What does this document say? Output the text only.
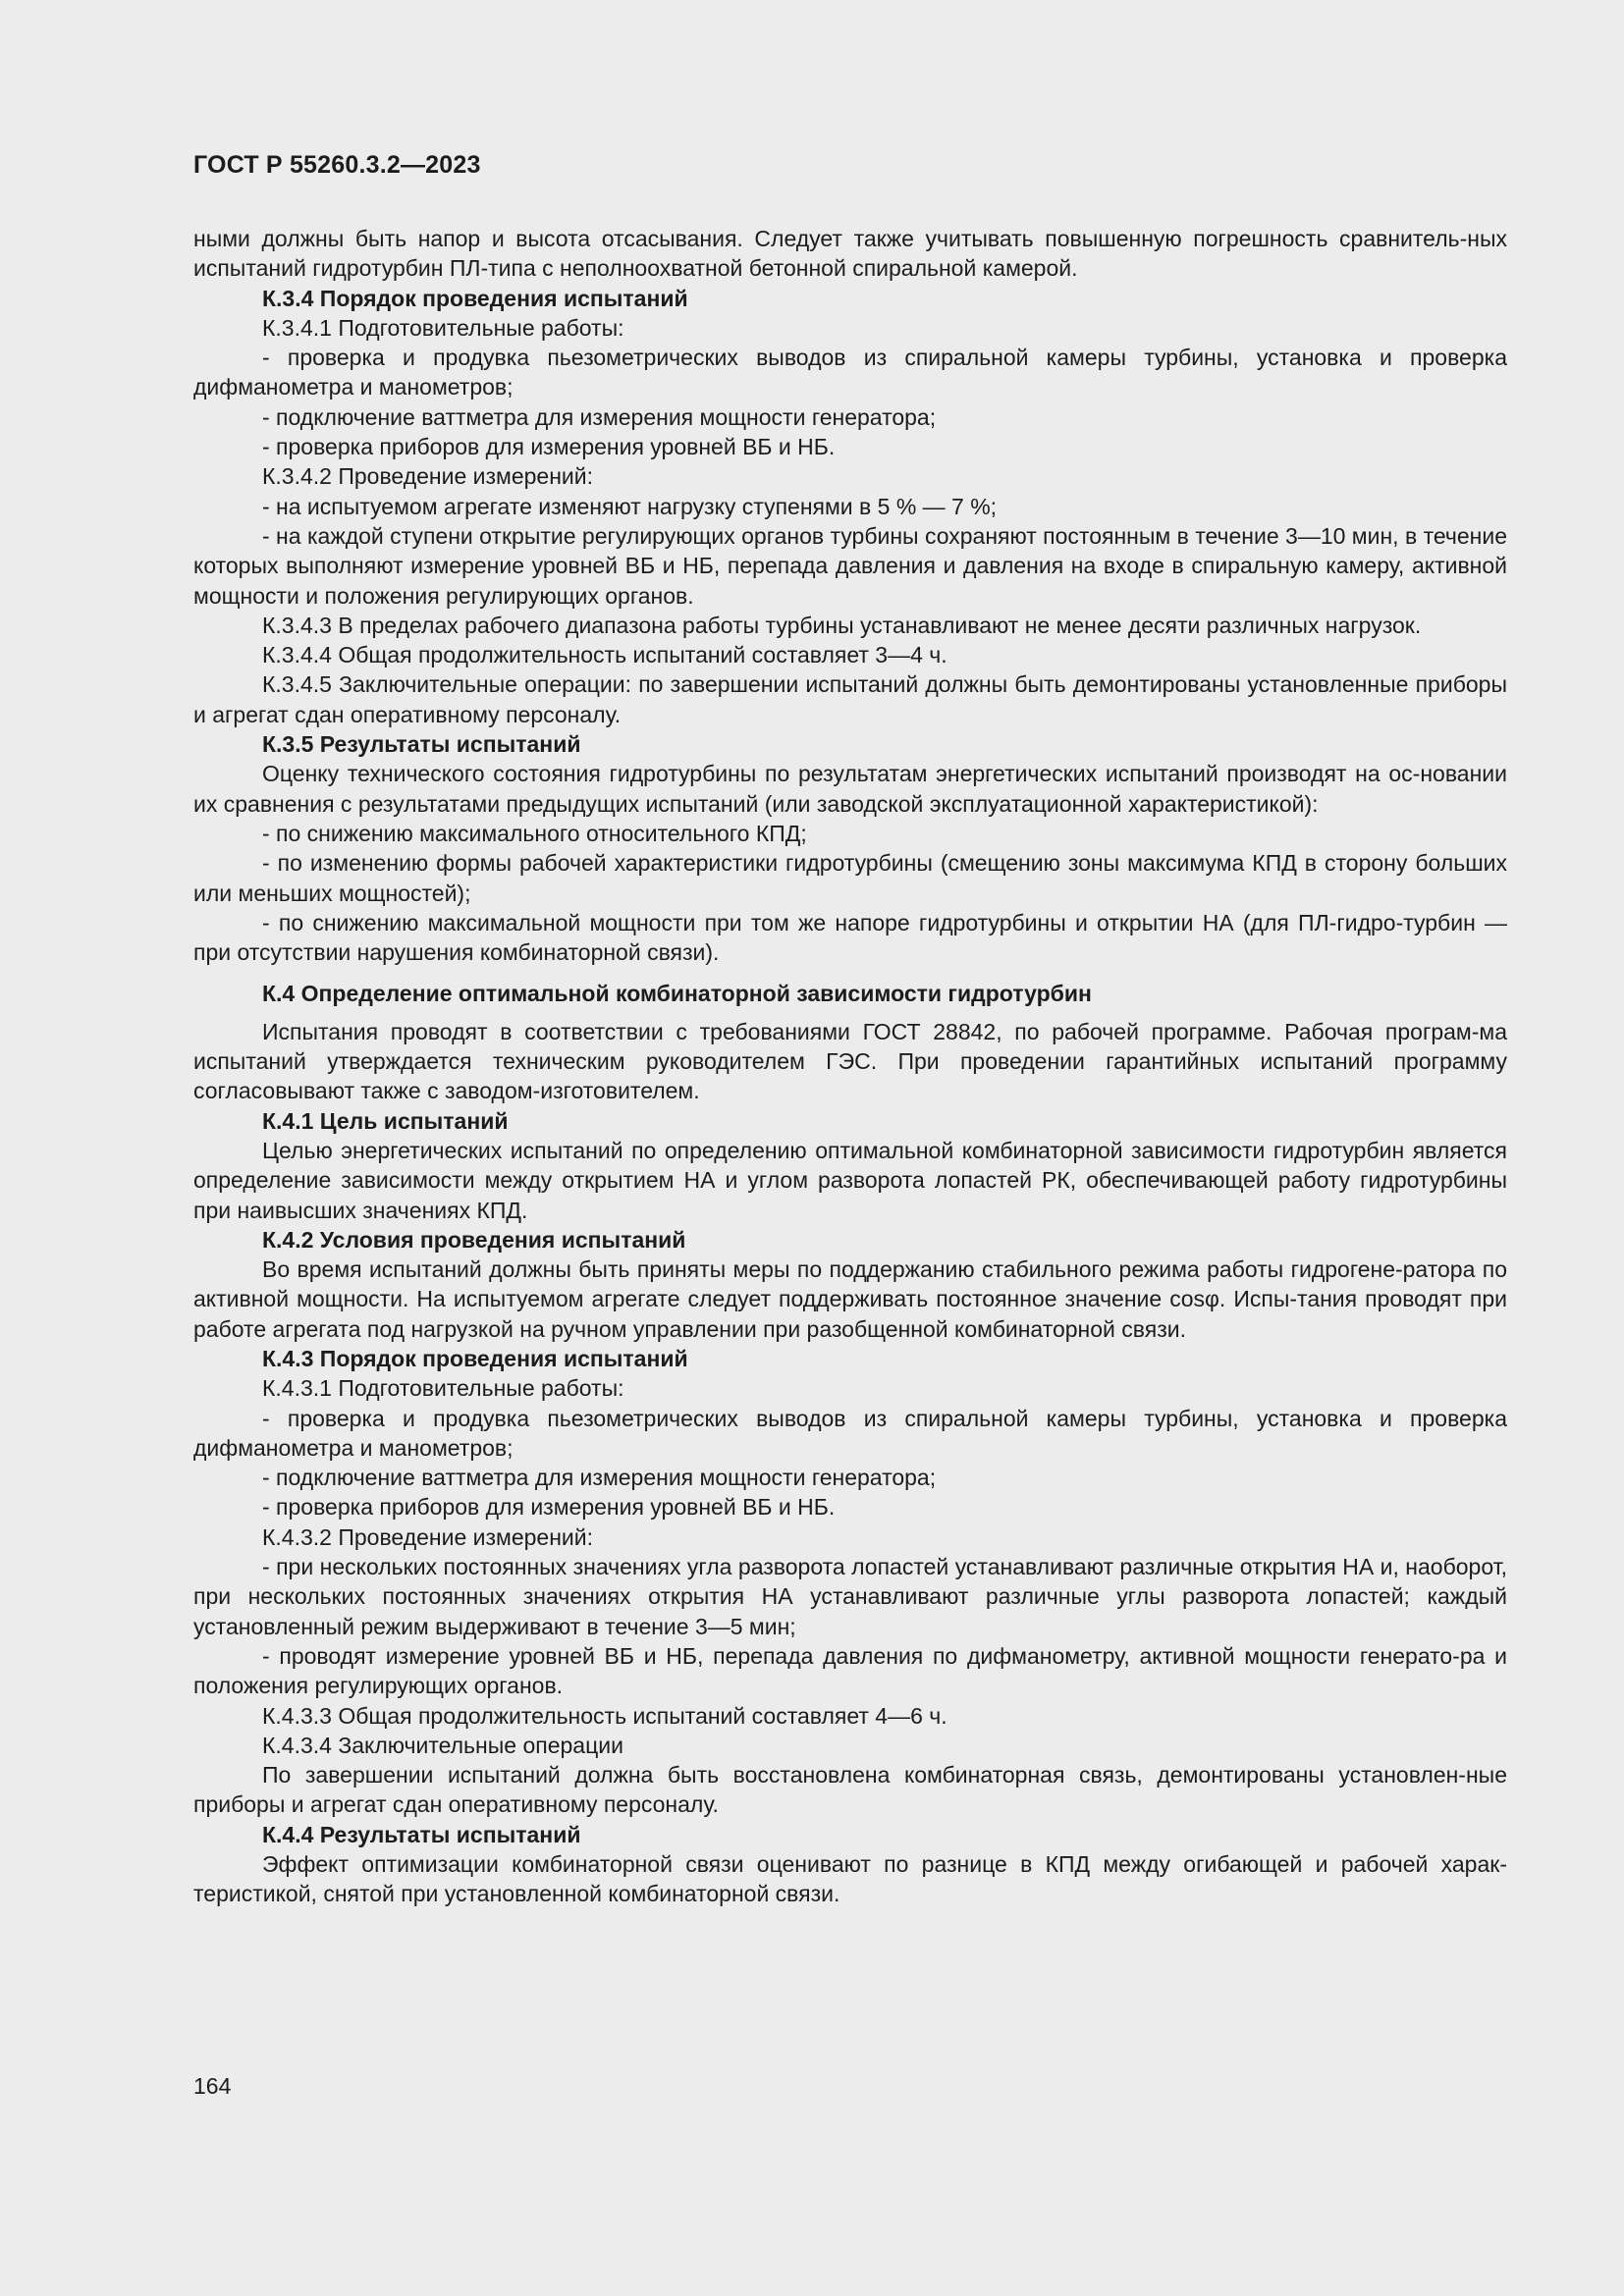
ГОСТ Р 55260.3.2—2023

ными должны быть напор и высота отсасывания. Следует также учитывать повышенную погрешность сравнитель-ных испытаний гидротурбин ПЛ-типа с неполноохватной бетонной спиральной камерой.

К.3.4 Порядок проведения испытаний

К.3.4.1 Подготовительные работы:

- проверка и продувка пьезометрических выводов из спиральной камеры турбины, установка и проверка дифманометра и манометров;

- подключение ваттметра для измерения мощности генератора;

- проверка приборов для измерения уровней ВБ и НБ.

К.3.4.2 Проведение измерений:

- на испытуемом агрегате изменяют нагрузку ступенями в 5 % — 7 %;

- на каждой ступени открытие регулирующих органов турбины сохраняют постоянным в течение 3—10 мин, в течение которых выполняют измерение уровней ВБ и НБ, перепада давления и давления на входе в спиральную камеру, активной мощности и положения регулирующих органов.

К.3.4.3 В пределах рабочего диапазона работы турбины устанавливают не менее десяти различных нагрузок.

К.3.4.4 Общая продолжительность испытаний составляет 3—4 ч.

К.3.4.5 Заключительные операции: по завершении испытаний должны быть демонтированы установленные приборы и агрегат сдан оперативному персоналу.

К.3.5 Результаты испытаний

Оценку технического состояния гидротурбины по результатам энергетических испытаний производят на ос-новании их сравнения с результатами предыдущих испытаний (или заводской эксплуатационной характеристикой):

- по снижению максимального относительного КПД;

- по изменению формы рабочей характеристики гидротурбины (смещению зоны максимума КПД в сторону больших или меньших мощностей);

- по снижению максимальной мощности при том же напоре гидротурбины и открытии НА (для ПЛ-гидро-турбин — при отсутствии нарушения комбинаторной связи).

К.4 Определение оптимальной комбинаторной зависимости гидротурбин

Испытания проводят в соответствии с требованиями ГОСТ 28842, по рабочей программе. Рабочая програм-ма испытаний утверждается техническим руководителем ГЭС. При проведении гарантийных испытаний программу согласовывают также с заводом-изготовителем.

К.4.1 Цель испытаний

Целью энергетических испытаний по определению оптимальной комбинаторной зависимости гидротурбин является определение зависимости между открытием НА и углом разворота лопастей РК, обеспечивающей работу гидротурбины при наивысших значениях КПД.

К.4.2 Условия проведения испытаний

Во время испытаний должны быть приняты меры по поддержанию стабильного режима работы гидрогене-ратора по активной мощности. На испытуемом агрегате следует поддерживать постоянное значение cosφ. Испы-тания проводят при работе агрегата под нагрузкой на ручном управлении при разобщенной комбинаторной связи.

К.4.3 Порядок проведения испытаний

К.4.3.1 Подготовительные работы:

- проверка и продувка пьезометрических выводов из спиральной камеры турбины, установка и проверка дифманометра и манометров;

- подключение ваттметра для измерения мощности генератора;

- проверка приборов для измерения уровней ВБ и НБ.

К.4.3.2 Проведение измерений:

- при нескольких постоянных значениях угла разворота лопастей устанавливают различные открытия НА и, наоборот, при нескольких постоянных значениях открытия НА устанавливают различные углы разворота лопастей; каждый установленный режим выдерживают в течение 3—5 мин;

- проводят измерение уровней ВБ и НБ, перепада давления по дифманометру, активной мощности генерато-ра и положения регулирующих органов.

К.4.3.3 Общая продолжительность испытаний составляет 4—6 ч.

К.4.3.4 Заключительные операции

По завершении испытаний должна быть восстановлена комбинаторная связь, демонтированы установлен-ные приборы и агрегат сдан оперативному персоналу.

К.4.4 Результаты испытаний

Эффект оптимизации комбинаторной связи оценивают по разнице в КПД между огибающей и рабочей харак-теристикой, снятой при установленной комбинаторной связи.

164
